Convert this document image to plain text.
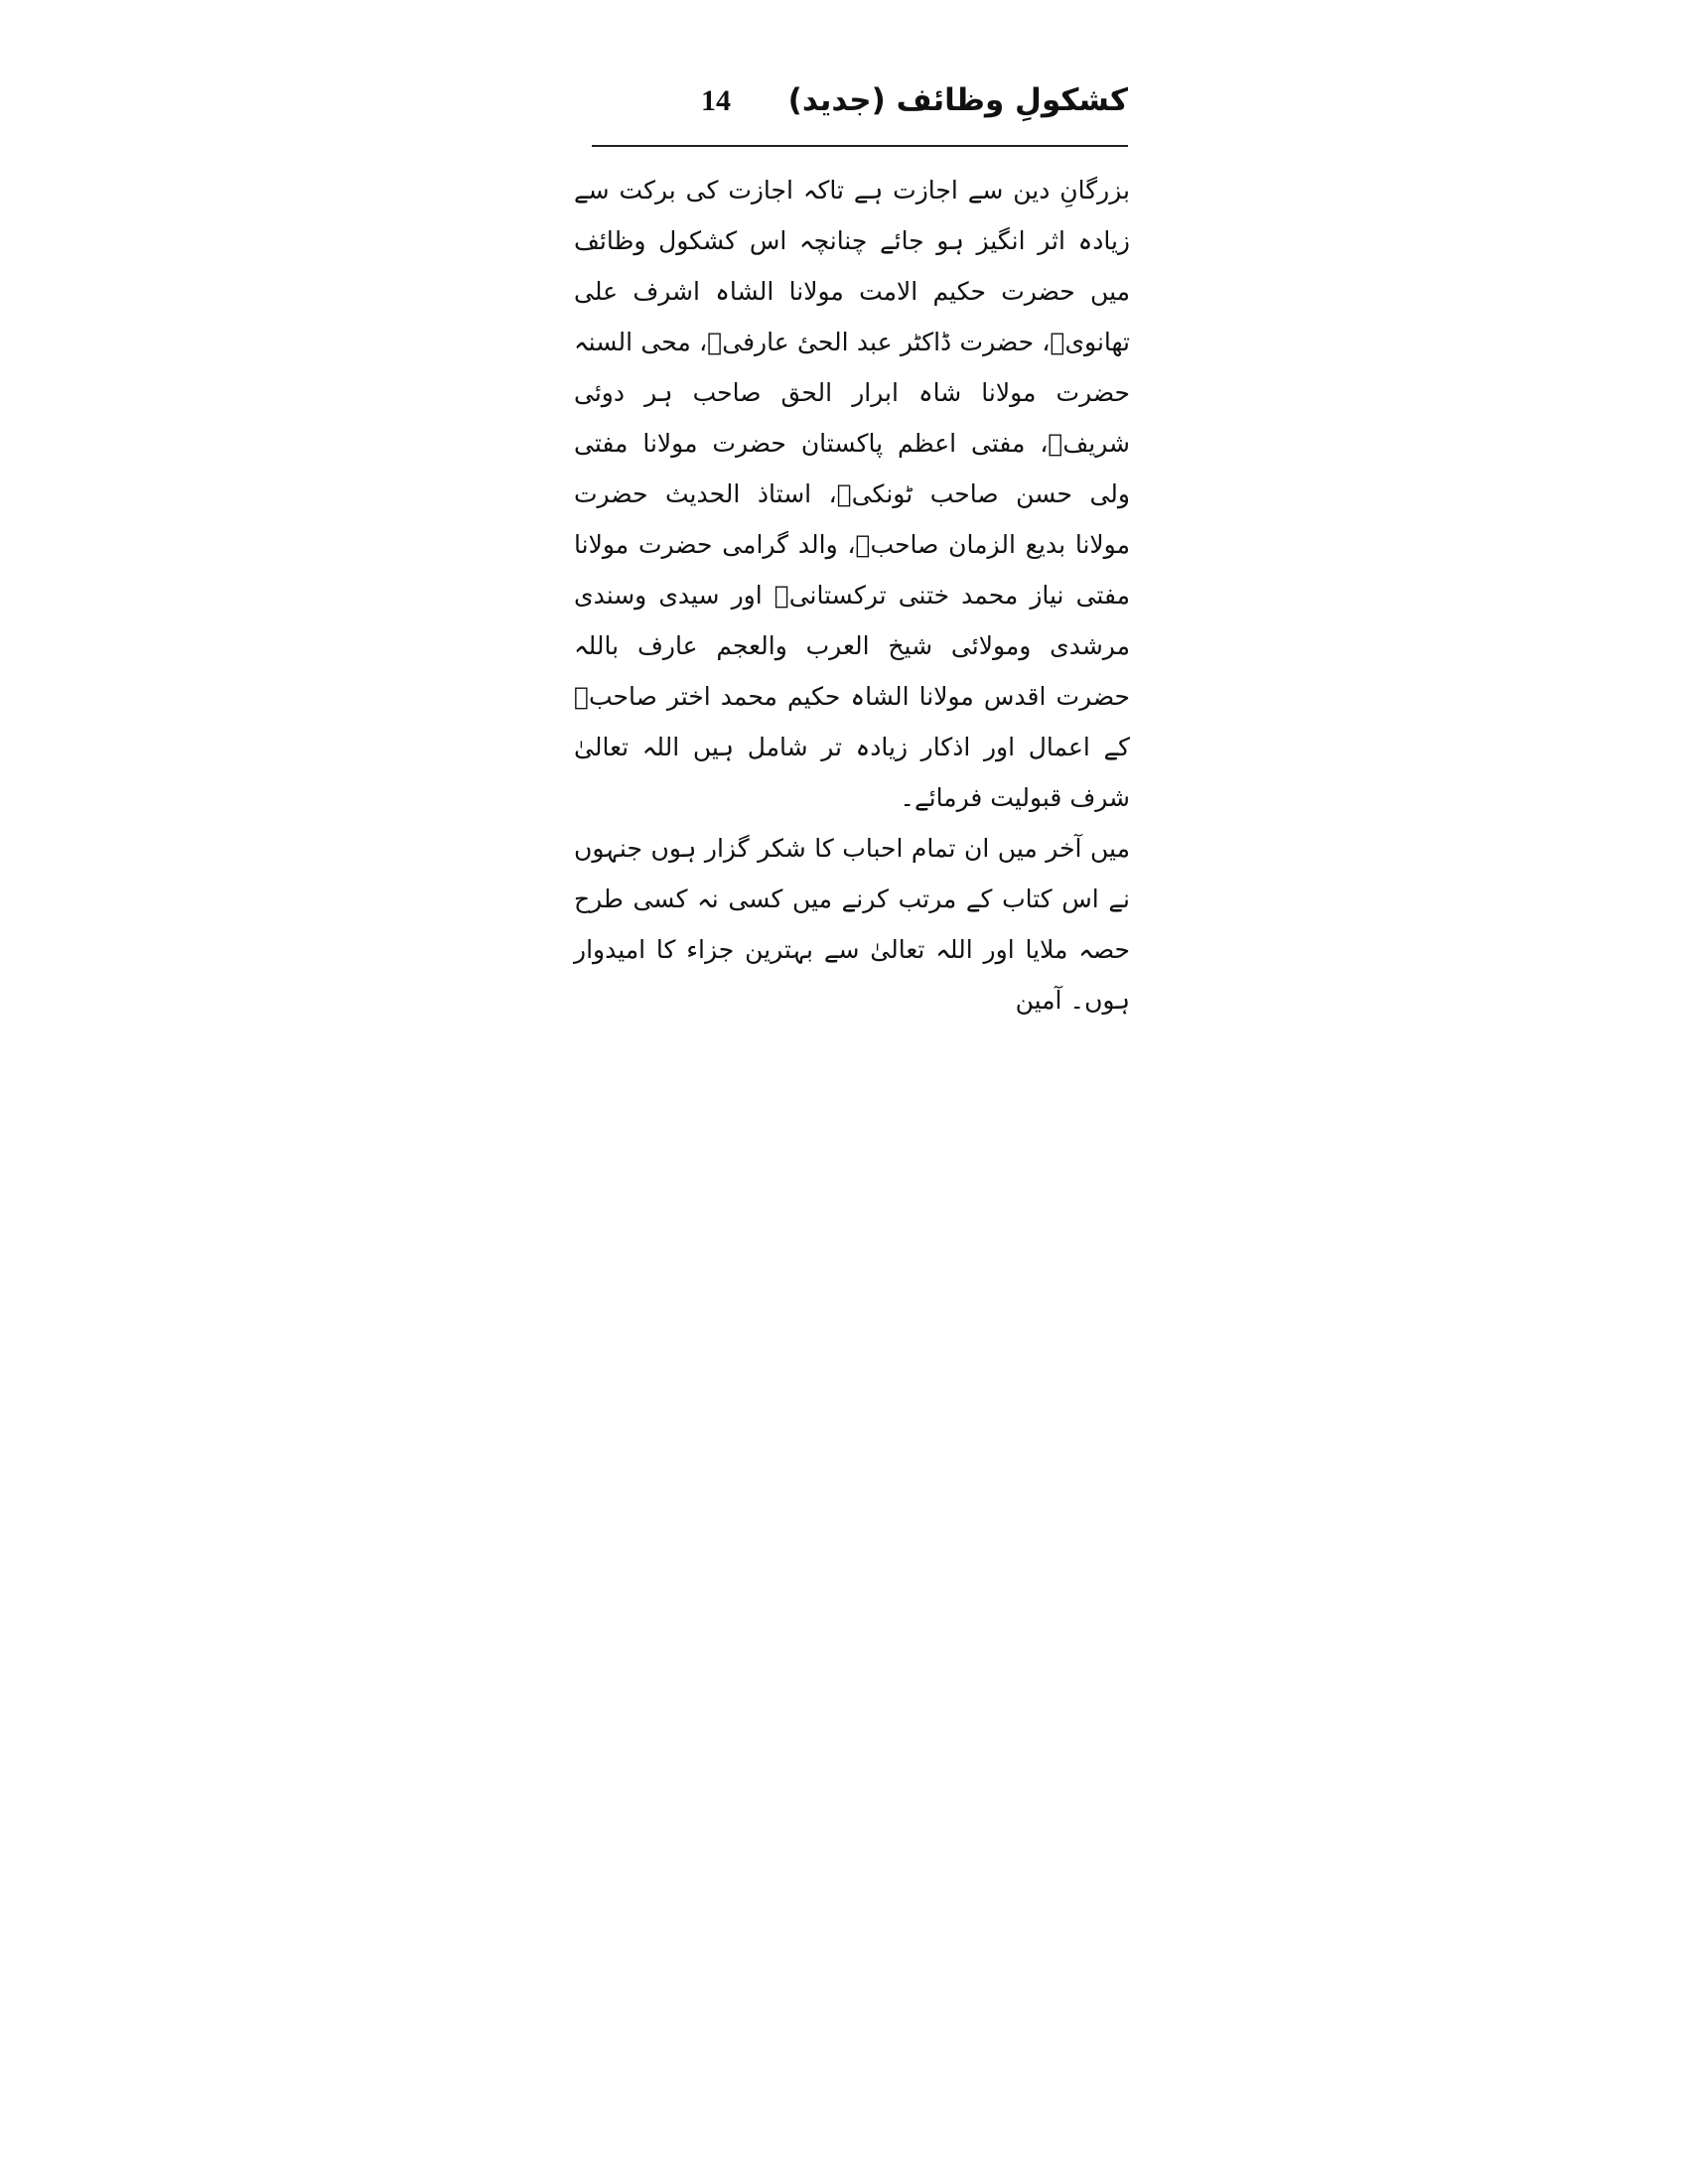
14 کشکولِ وظائف (جدید)

بزرگانِ دین سے اجازت ہے تاکہ اجازت کی برکت سے زیادہ اثر انگیز ہو جائے چنانچہ اس کشکول وظائف میں حضرت حکیم الامت مولانا الشاہ اشرف علی تھانویؒ، حضرت ڈاکٹر عبد الحیٔ عارفیؒ، محی السنہ حضرت مولانا شاہ ابرار الحق صاحب ہر دوئی شریفؒ، مفتی اعظم پاکستان حضرت مولانا مفتی ولی حسن صاحب ٹونکیؒ، استاذ الحدیث حضرت مولانا بدیع الزمان صاحبؒ، والد گرامی حضرت مولانا مفتی نیاز محمد ختنی ترکستانیؒ اور سیدی وسندی مرشدی ومولائی شیخ العرب والعجم عارف باللہ حضرت اقدس مولانا الشاہ حکیم محمد اختر صاحبؒ کے اعمال اور اذکار زیادہ تر شامل ہیں اللہ تعالیٰ شرف قبولیت فرمائے۔

میں آخر میں ان تمام احباب کا شکر گزار ہوں جنہوں نے اس کتاب کے مرتب کرنے میں کسی نہ کسی طرح حصہ ملایا اور اللہ تعالیٰ سے بہترین جزاء کا امیدوار ہوں۔ آمین
